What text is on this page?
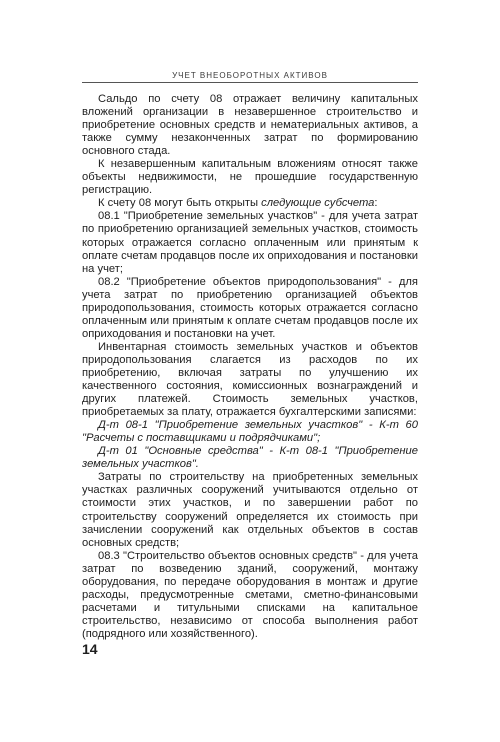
УЧЕТ ВНЕОБОРОТНЫХ АКТИВОВ

Сальдо по счету 08 отражает величину капитальных вложений организации в незавершенное строительство и приобретение основных средств и нематериальных активов, а также сумму незаконченных затрат по формированию основного стада.

К незавершенным капитальным вложениям относят также объекты недвижимости, не прошедшие государственную регистрацию.

К счету 08 могут быть открыты следующие субсчета:

08.1 "Приобретение земельных участков" - для учета затрат по приобретению организацией земельных участков, стоимость которых отражается согласно оплаченным или принятым к оплате счетам продавцов после их оприходования и постановки на учет;

08.2 "Приобретение объектов природопользования" - для учета затрат по приобретению организацией объектов природопользования, стоимость которых отражается согласно оплаченным или принятым к оплате счетам продавцов после их оприходования и постановки на учет.

Инвентарная стоимость земельных участков и объектов природопользования слагается из расходов по их приобретению, включая затраты по улучшению их качественного состояния, комиссионных вознаграждений и других платежей. Стоимость земельных участков, приобретаемых за плату, отражается бухгалтерскими записями:

Д-т 08-1 "Приобретение земельных участков" - К-т 60 "Расчеты с поставщиками и подрядчиками";

Д-т 01 "Основные средства" - К-т 08-1 "Приобретение земельных участков".

Затраты по строительству на приобретенных земельных участках различных сооружений учитываются отдельно от стоимости этих участков, и по завершении работ по строительству сооружений определяется их стоимость при зачислении сооружений как отдельных объектов в состав основных средств;

08.3 "Строительство объектов основных средств" - для учета затрат по возведению зданий, сооружений, монтажу оборудования, по передаче оборудования в монтаж и другие расходы, предусмотренные сметами, сметно-финансовыми расчетами и титульными списками на капитальное строительство, независимо от способа выполнения работ (подрядного или хозяйственного).

14
